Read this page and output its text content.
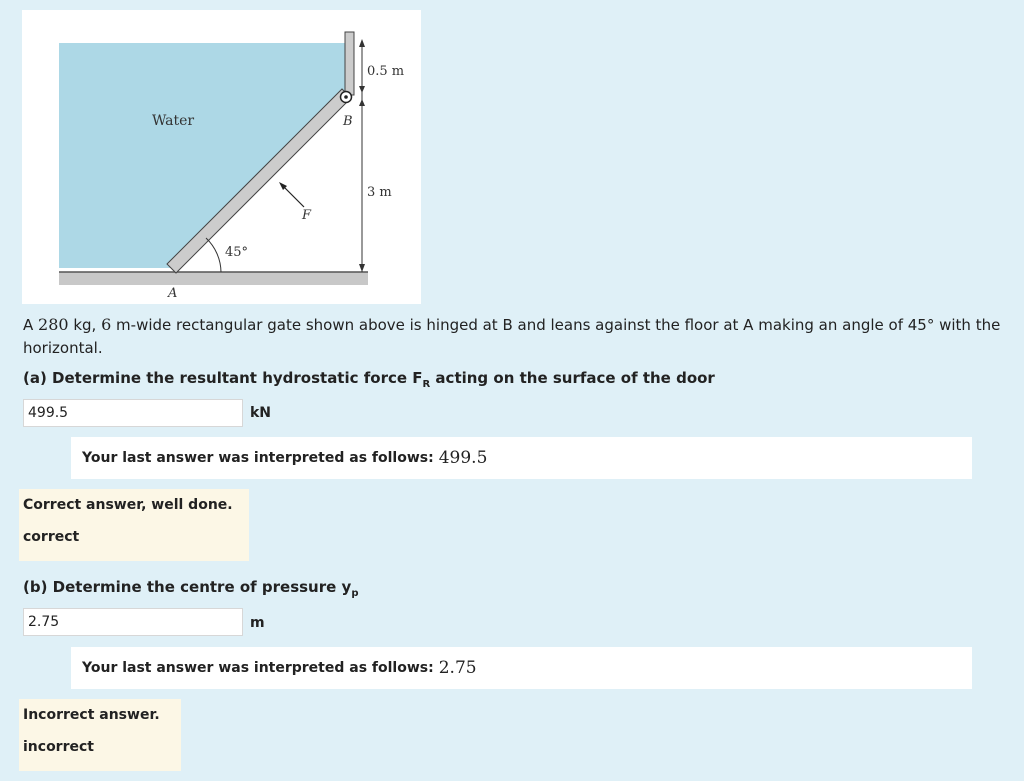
Water	B
F
45°
A
0.5 m
3 m
A 280 kg, 6 m-wide rectangular gate shown above is hinged at B and leans against the floor at A making an angle of 45° with the horizontal.
(a) Determine the resultant hydrostatic force $F_R$ acting on the surface of the door
499.5
kN
Your last answer was interpreted as follows: 499.5
Correct answer, well done.
correct
(b) Determine the centre of pressure $y_p$
2.75
m
Your last answer was interpreted as follows: 2.75
Incorrect answer.
incorrect
